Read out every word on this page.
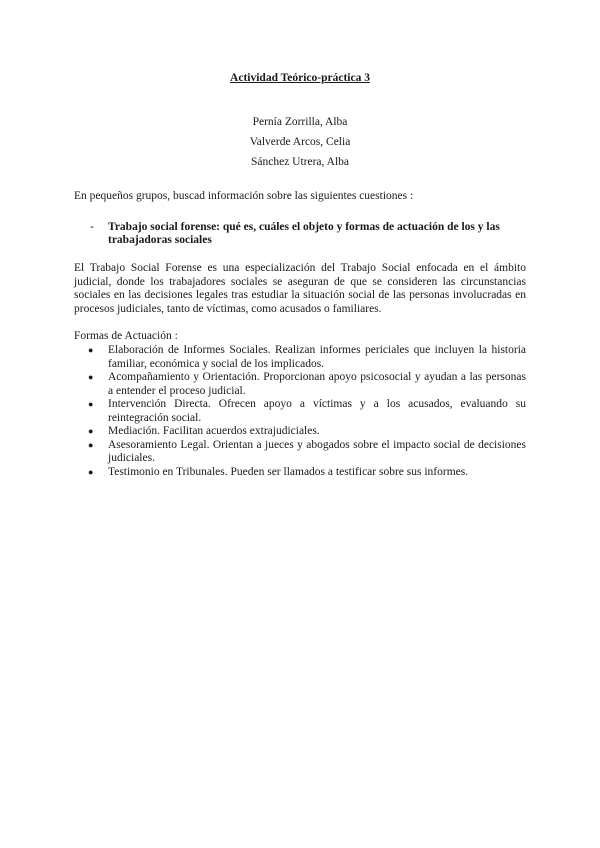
Actividad Teórico-práctica 3
Pernía Zorrilla, Alba
Valverde Arcos, Celia
Sánchez Utrera, Alba
En pequeños grupos, buscad información sobre las siguientes cuestiones :
- Trabajo social forense: qué es, cuáles el objeto y formas de actuación de los y las trabajadoras sociales
El Trabajo Social Forense es una especialización del Trabajo Social enfocada en el ámbito judicial, donde los trabajadores sociales se aseguran de que se consideren las circunstancias sociales en las decisiones legales tras estudiar la situación social de las personas involucradas en procesos judiciales, tanto de víctimas, como acusados o familiares.
Formas de Actuación :
● Elaboración de Informes Sociales. Realizan informes periciales que incluyen la historia familiar, económica y social de los implicados.
● Acompañamiento y Orientación. Proporcionan apoyo psicosocial y ayudan a las personas a entender el proceso judicial.
● Intervención Directa. Ofrecen apoyo a víctimas y a los acusados, evaluando su reintegración social.
● Mediación. Facilitan acuerdos extrajudiciales.
● Asesoramiento Legal. Orientan a jueces y abogados sobre el impacto social de decisiones judiciales.
● Testimonio en Tribunales. Pueden ser llamados a testificar sobre sus informes.
